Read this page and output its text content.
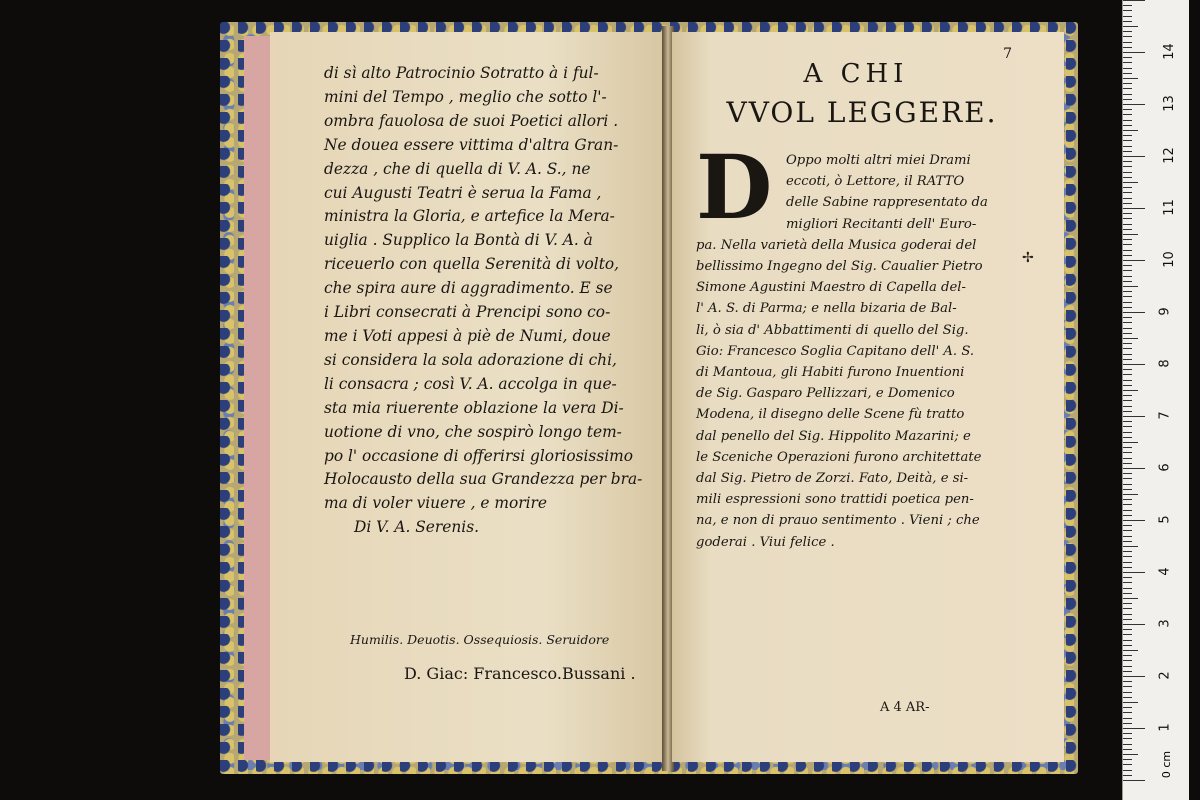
di sì alto Patrocinio Sotratto à i ful-

mini del Tempo , meglio che sotto l'-

ombra fauolosa de suoi Poetici allori .

Ne douea essere vittima d'altra Gran-

dezza , che di quella di V. A. S., ne

cui Augusti Teatri è serua la Fama ,

ministra la Gloria, e artefice la Mera-

uiglia . Supplico la Bontà di V. A. à

riceuerlo con quella Serenità di volto,

che spira aure di aggradimento. E se

i Libri consecrati à Prencipi sono co-

me i Voti appesi à piè de Numi, doue

si considera la sola adorazione di chi,

li consacra ; così V. A. accolga in que-

sta mia riuerente oblazione la vera Di-

uotione di vno, che sospirò longo tem-

po l' occasione di offerirsi gloriosissimo

Holocausto della sua Grandezza per bra-

ma di voler viuere , e morire

Di V. A. Serenis.

Humilis. Deuotis. Ossequiosis. Seruidore
D. Giac: Francesco.Bussani .
7
A CHI
VVOL LEGGERE.
D	Oppo molti altri miei Drami

eccoti, ò Lettore, il RATTO

delle Sabine rappresentato da

migliori Recitanti dell' Euro-

pa. Nella varietà della Musica goderai del

bellissimo Ingegno del Sig. Caualier Pietro

Simone Agustini Maestro di Capella del-

l' A. S. di Parma; e nella bizaria de Bal-

li, ò sia d' Abbattimenti di quello del Sig.

Gio: Francesco Soglia Capitano dell' A. S.

di Mantoua, gli Habiti furono Inuentioni

de Sig. Gasparo Pellizzari, e Domenico

Modena, il disegno delle Scene fù tratto

dal penello del Sig. Hippolito Mazarini; e

le Sceniche Operazioni furono architettate

dal Sig. Pietro de Zorzi. Fato, Deità, e si-

mili espressioni sono trattidi poetica pen-

na, e non di prauo sentimento . Vieni ; che

goderai . Viui felice .

A 4 AR-
✢
0 cm
1
2
3
4
5
6
7
8
9
10
11
12
13
14
